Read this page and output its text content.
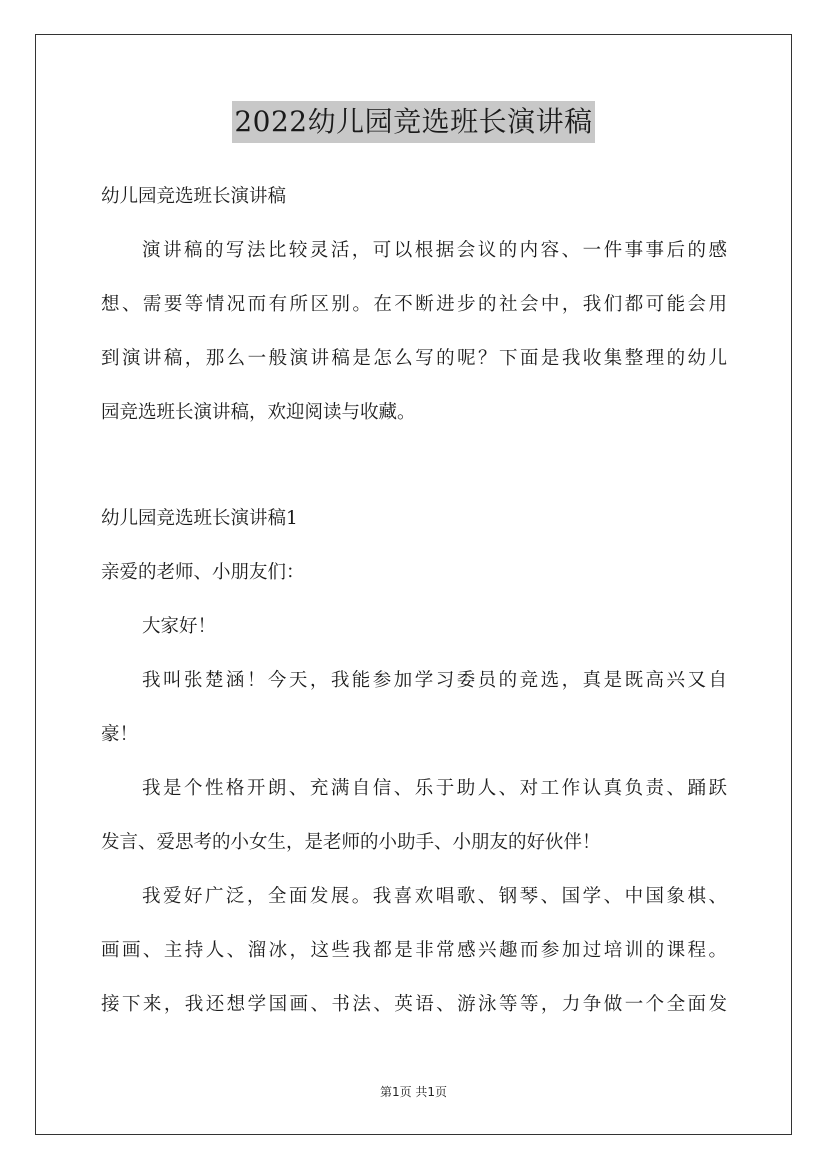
2022幼儿园竞选班长演讲稿
幼儿园竞选班长演讲稿
演讲稿的写法比较灵活，可以根据会议的内容、一件事事后的感
想、需要等情况而有所区别。在不断进步的社会中，我们都可能会用
到演讲稿，那么一般演讲稿是怎么写的呢？下面是我收集整理的幼儿
园竞选班长演讲稿，欢迎阅读与收藏。
幼儿园竞选班长演讲稿1
亲爱的老师、小朋友们：
大家好！
我叫张楚涵！今天，我能参加学习委员的竞选，真是既高兴又自
豪！
我是个性格开朗、充满自信、乐于助人、对工作认真负责、踊跃
发言、爱思考的小女生，是老师的小助手、小朋友的好伙伴！
我爱好广泛，全面发展。我喜欢唱歌、钢琴、国学、中国象棋、
画画、主持人、溜冰，这些我都是非常感兴趣而参加过培训的课程。
接下来，我还想学国画、书法、英语、游泳等等，力争做一个全面发
第1页 共1页
